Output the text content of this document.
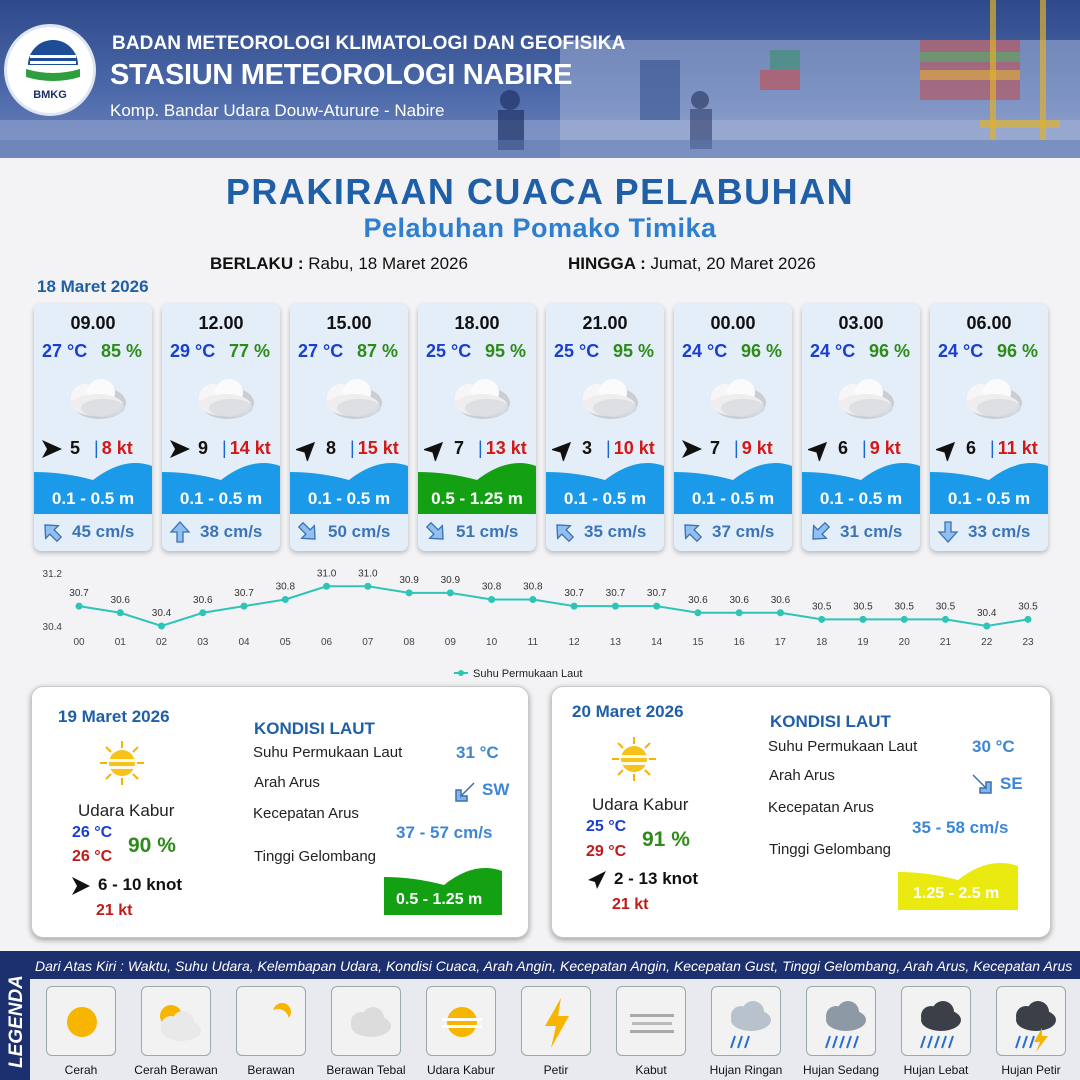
BMKG
BADAN METEOROLOGI KLIMATOLOGI DAN GEOFISIKA
STASIUN METEOROLOGI NABIRE
Komp. Bandar Udara Douw-Aturure - Nabire
PRAKIRAAN CUACA PELABUHAN
Pelabuhan Pomako Timika
BERLAKU : Rabu, 18 Maret 2026	HINGGA : Jumat, 20 Maret 2026
18 Maret 2026
09.00
27 °C 85 %
5 | 8 kt
0.1 - 0.5 m
45 cm/s
12.00
29 °C 77 %
9 | 14 kt
0.1 - 0.5 m
38 cm/s
15.00
27 °C 87 %
8 | 15 kt
0.1 - 0.5 m
50 cm/s
18.00
25 °C 95 %
7 | 13 kt
0.5 - 1.25 m
51 cm/s
21.00
25 °C 95 %
3 | 10 kt
0.1 - 0.5 m
35 cm/s
00.00
24 °C 96 %
7 | 9 kt
0.1 - 0.5 m
37 cm/s
03.00
24 °C 96 %
6 | 9 kt
0.1 - 0.5 m
31 cm/s
06.00
24 °C 96 %
6 | 11 kt
0.1 - 0.5 m
33 cm/s
31.2
30.4
30.7
00
30.6
01
30.4
02
30.6
03
30.7
04
30.8
05
31.0
06
31.0
07
30.9
08
30.9
09
30.8
10
30.8
11
30.7
12
30.7
13
30.7
14
30.6
15
30.6
16
30.6
17
30.5
18
30.5
19
30.5
20
30.5
21
30.4
22
30.5
23
Suhu Permukaan Laut
19 Maret 2026
Udara Kabur
26 °C
26 °C 90 %
6 - 10 knot
21 kt
KONDISI LAUT
Suhu Permukaan Laut	31 °C
Arah Arus	SW
Kecepatan Arus
37 - 57 cm/s
Tinggi Gelombang
0.5 - 1.25 m
20 Maret 2026
Udara Kabur
25 °C
29 °C
91 %
2 - 13 knot
21 kt
KONDISI LAUT
Suhu Permukaan Laut	30 °C
Arah Arus	SE
Kecepatan Arus
35 - 58 cm/s
Tinggi Gelombang
1.25 - 2.5 m
LEGENDA
Dari Atas Kiri : Waktu, Suhu Udara, Kelembapan Udara, Kondisi Cuaca, Arah Angin, Kecepatan Angin, Kecepatan Gust, Tinggi Gelombang, Arah Arus, Kecepatan Arus
Cerah	Cerah Berawan	Berawan	Berawan Tebal	Udara Kabur	Petir	Kabut	Hujan Ringan	Hujan Sedang	Hujan Lebat	Hujan Petir
